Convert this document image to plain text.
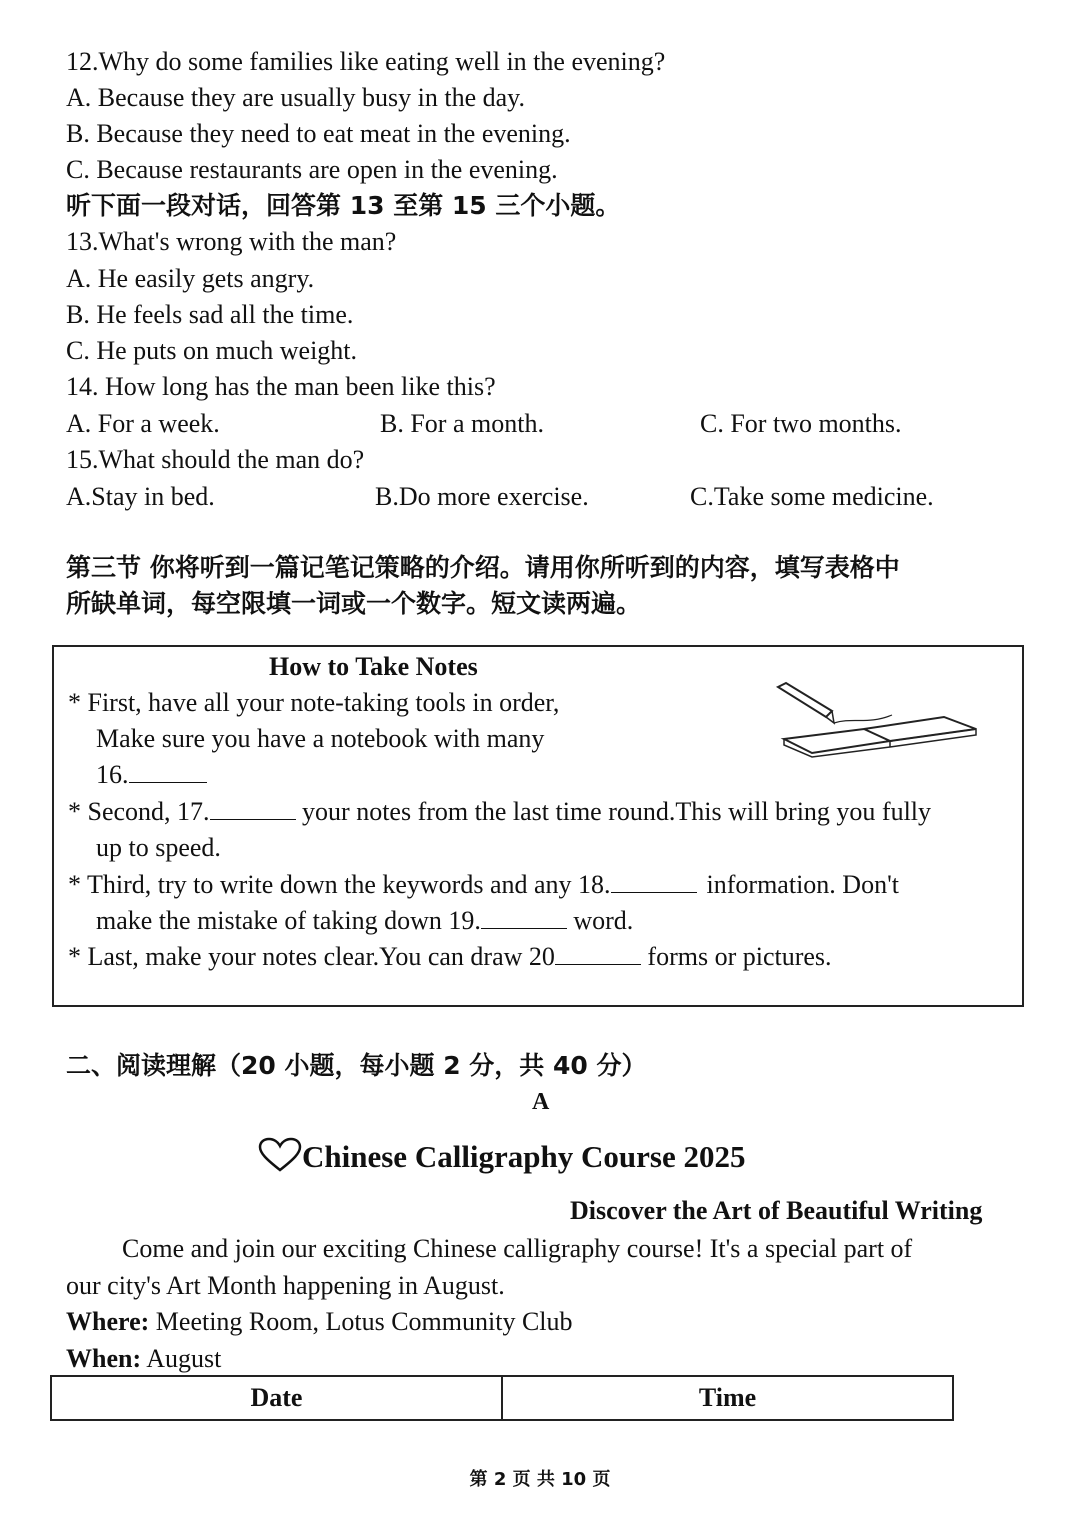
12.Why do some families like eating well in the evening?
A. Because they are usually busy in the day.
B. Because they need to eat meat in the evening.
C. Because restaurants are open in the evening.
听下面一段对话，回答第 13 至第 15 三个小题。
13.What's wrong with the man?
A. He easily gets angry.
B. He feels sad all the time.
C. He puts on much weight.
14. How long has the man been like this?
A. For a week.	B. For a month.	C. For two months.
15.What should the man do?
A.Stay in bed.	B.Do more exercise.	C.Take some medicine.
第三节 你将听到一篇记笔记策略的介绍。请用你所听到的内容，填写表格中
所缺单词，每空限填一词或一个数字。短文读两遍。
How to Take Notes
* First, have all your note-taking tools in order,
Make sure you have a notebook with many
16.
* Second, 17.	your notes from the last time round.This will bring you fully
up to speed.
* Third, try to write down the keywords and any 18.	information. Don't
make the mistake of taking down 19.	word.
* Last, make your notes clear.You can draw 20	forms or pictures.
二、阅读理解（20 小题，每小题 2 分，共 40 分）
A
Chinese Calligraphy Course 2025
Discover the Art of Beautiful Writing
Come and join our exciting Chinese calligraphy course! It's a special part of
our city's Art Month happening in August.
Where: Meeting Room, Lotus Community Club
When: August
Date	Time
第 2 页 共 10 页
